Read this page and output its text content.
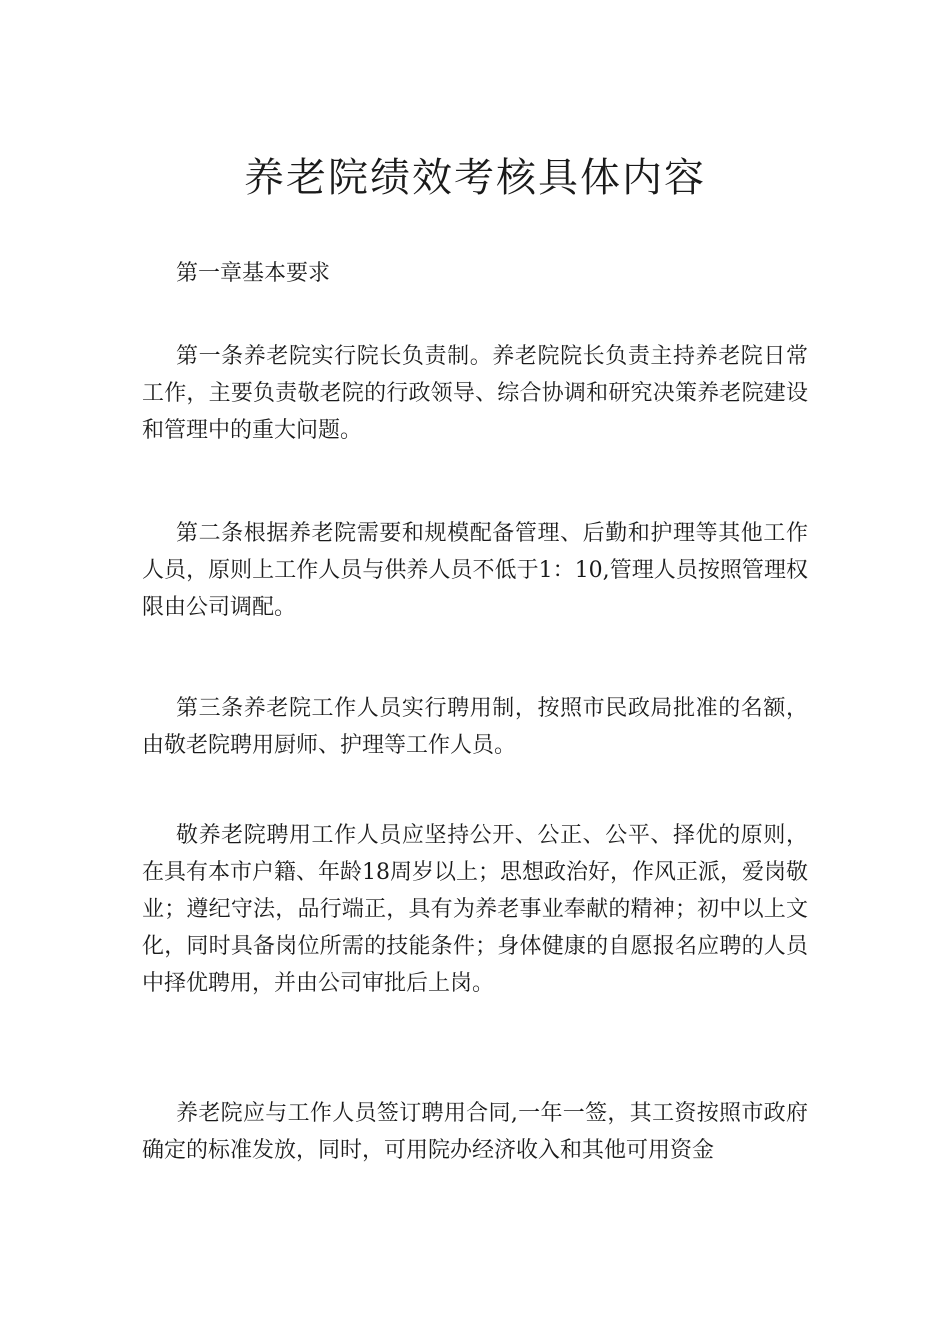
养老院绩效考核具体内容

第一章基本要求

第一条养老院实行院长负责制。养老院院长负责主持养老院日常工作，主要负责敬老院的行政领导、综合协调和研究决策养老院建设和管理中的重大问题。

第二条根据养老院需要和规模配备管理、后勤和护理等其他工作人员，原则上工作人员与供养人员不低于1：10,管理人员按照管理权限由公司调配。

第三条养老院工作人员实行聘用制，按照市民政局批准的名额，由敬老院聘用厨师、护理等工作人员。

敬养老院聘用工作人员应坚持公开、公正、公平、择优的原则，在具有本市户籍、年龄18周岁以上；思想政治好，作风正派，爱岗敬业；遵纪守法，品行端正，具有为养老事业奉献的精神；初中以上文化，同时具备岗位所需的技能条件；身体健康的自愿报名应聘的人员中择优聘用，并由公司审批后上岗。

养老院应与工作人员签订聘用合同,一年一签，其工资按照市政府确定的标准发放，同时，可用院办经济收入和其他可用资金
